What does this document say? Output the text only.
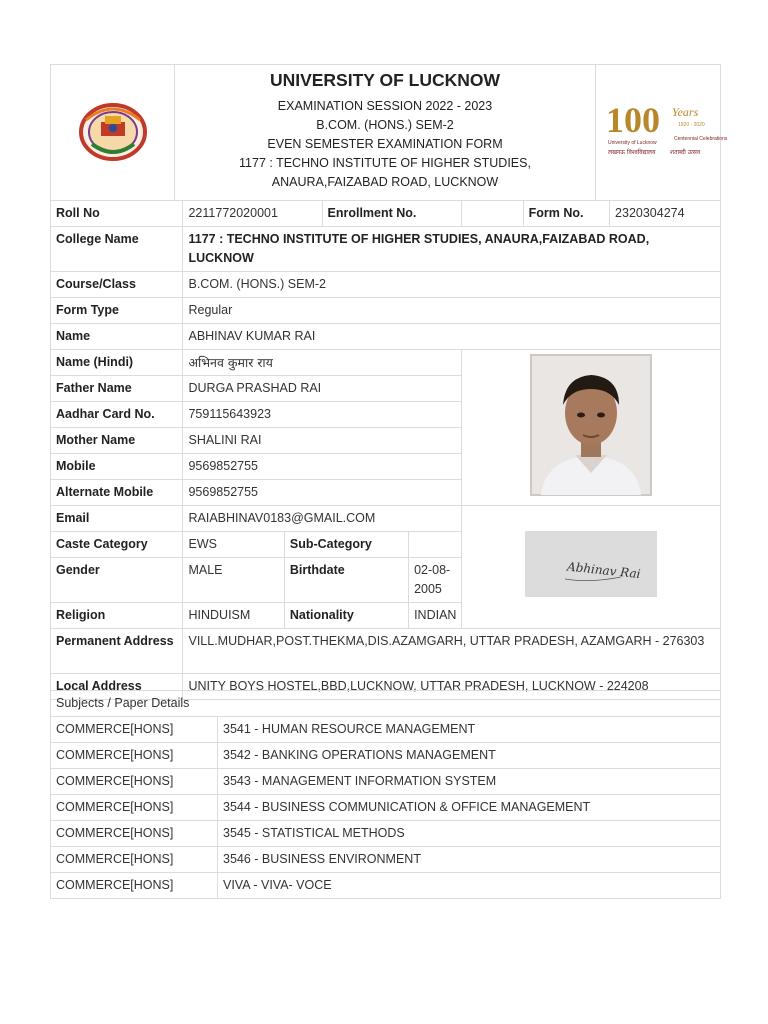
UNIVERSITY OF LUCKNOW
EXAMINATION SESSION 2022 - 2023
B.COM. (HONS.) SEM-2
EVEN SEMESTER EXAMINATION FORM
1177 : TECHNO INSTITUTE OF HIGHER STUDIES,
ANAURA,FAIZABAD ROAD, LUCKNOW

100 Years
1920 - 2020
University of Lucknow
Centennial Celebrations
लखनऊ विश्वविद्यालय शताब्दी उत्सव
Roll No	2211772020001		Enrollment No.			Form No.	2320304274
College Name	1177 : TECHNO INSTITUTE OF HIGHER STUDIES, ANAURA,FAIZABAD ROAD, LUCKNOW						
Course/Class	B.COM. (HONS.) SEM-2						
Form Type	Regular						
Name	ABHINAV KUMAR RAI						
Name (Hindi)	अभिनव कुमार राय	
Father Name	DURGA PRASHAD RAI						
Aadhar Card No.	759115643923						
Mother Name	SHALINI RAI						
Mobile	9569852755						
Alternate Mobile	9569852755						
Email	RAIABHINAV0183@GMAIL.COM				Abhinav Rai		

Caste Category	EWS	Sub-Category					
Gender	MALE	Birthdate		02-08-2005			
Religion	HINDUISM	Nationality		INDIAN			
Permanent Address	VILL.MUDHAR,POST.THEKMA,DIS.AZAMGARH, UTTAR PRADESH, AZAMGARH - 276303						
Local Address	UNITY BOYS HOSTEL,BBD,LUCKNOW, UTTAR PRADESH, LUCKNOW - 224208						
Subjects / Paper Details	
COMMERCE[HONS]	3541 - HUMAN RESOURCE MANAGEMENT
COMMERCE[HONS]	3542 - BANKING OPERATIONS MANAGEMENT
COMMERCE[HONS]	3543 - MANAGEMENT INFORMATION SYSTEM
COMMERCE[HONS]	3544 - BUSINESS COMMUNICATION & OFFICE MANAGEMENT
COMMERCE[HONS]	3545 - STATISTICAL METHODS
COMMERCE[HONS]	3546 - BUSINESS ENVIRONMENT
COMMERCE[HONS]	VIVA - VIVA- VOCE
